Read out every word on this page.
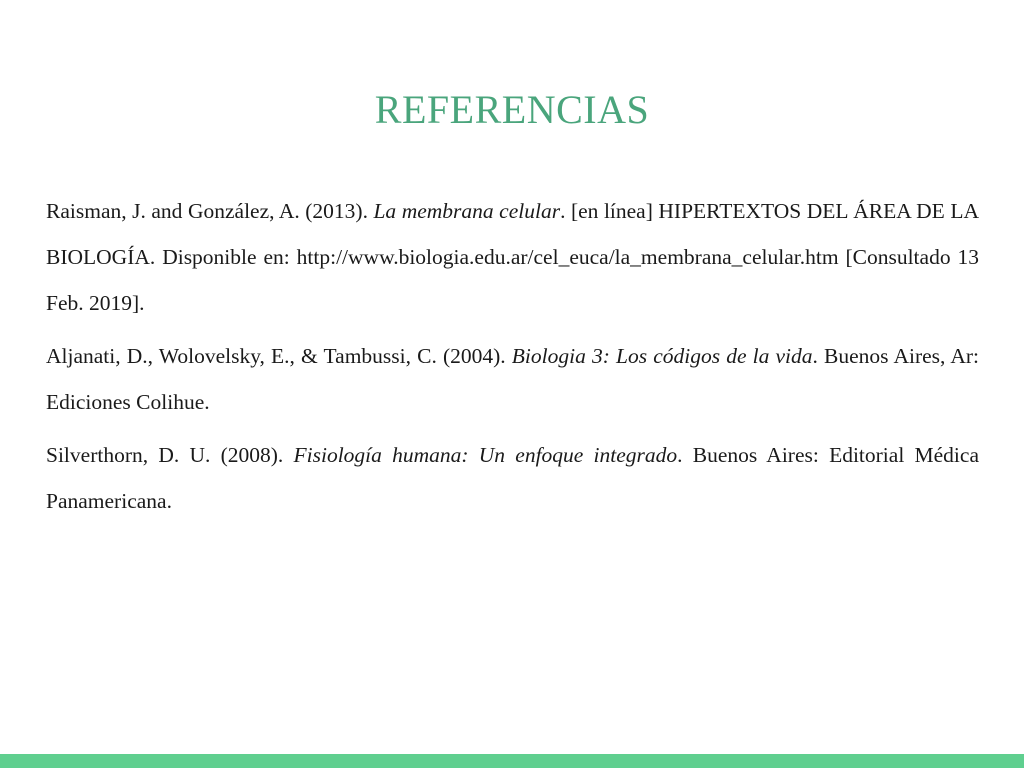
REFERENCIAS

Raisman, J. and González, A. (2013). La membrana celular. [en línea] HIPERTEXTOS DEL ÁREA DE LA BIOLOGÍA. Disponible en: http://www.biologia.edu.ar/cel_euca/la_membrana_celular.htm [Consultado 13 Feb. 2019].

Aljanati, D., Wolovelsky, E., & Tambussi, C. (2004). Biologia 3: Los códigos de la vida. Buenos Aires, Ar: Ediciones Colihue.

Silverthorn, D. U. (2008). Fisiología humana: Un enfoque integrado. Buenos Aires: Editorial Médica Panamericana.
